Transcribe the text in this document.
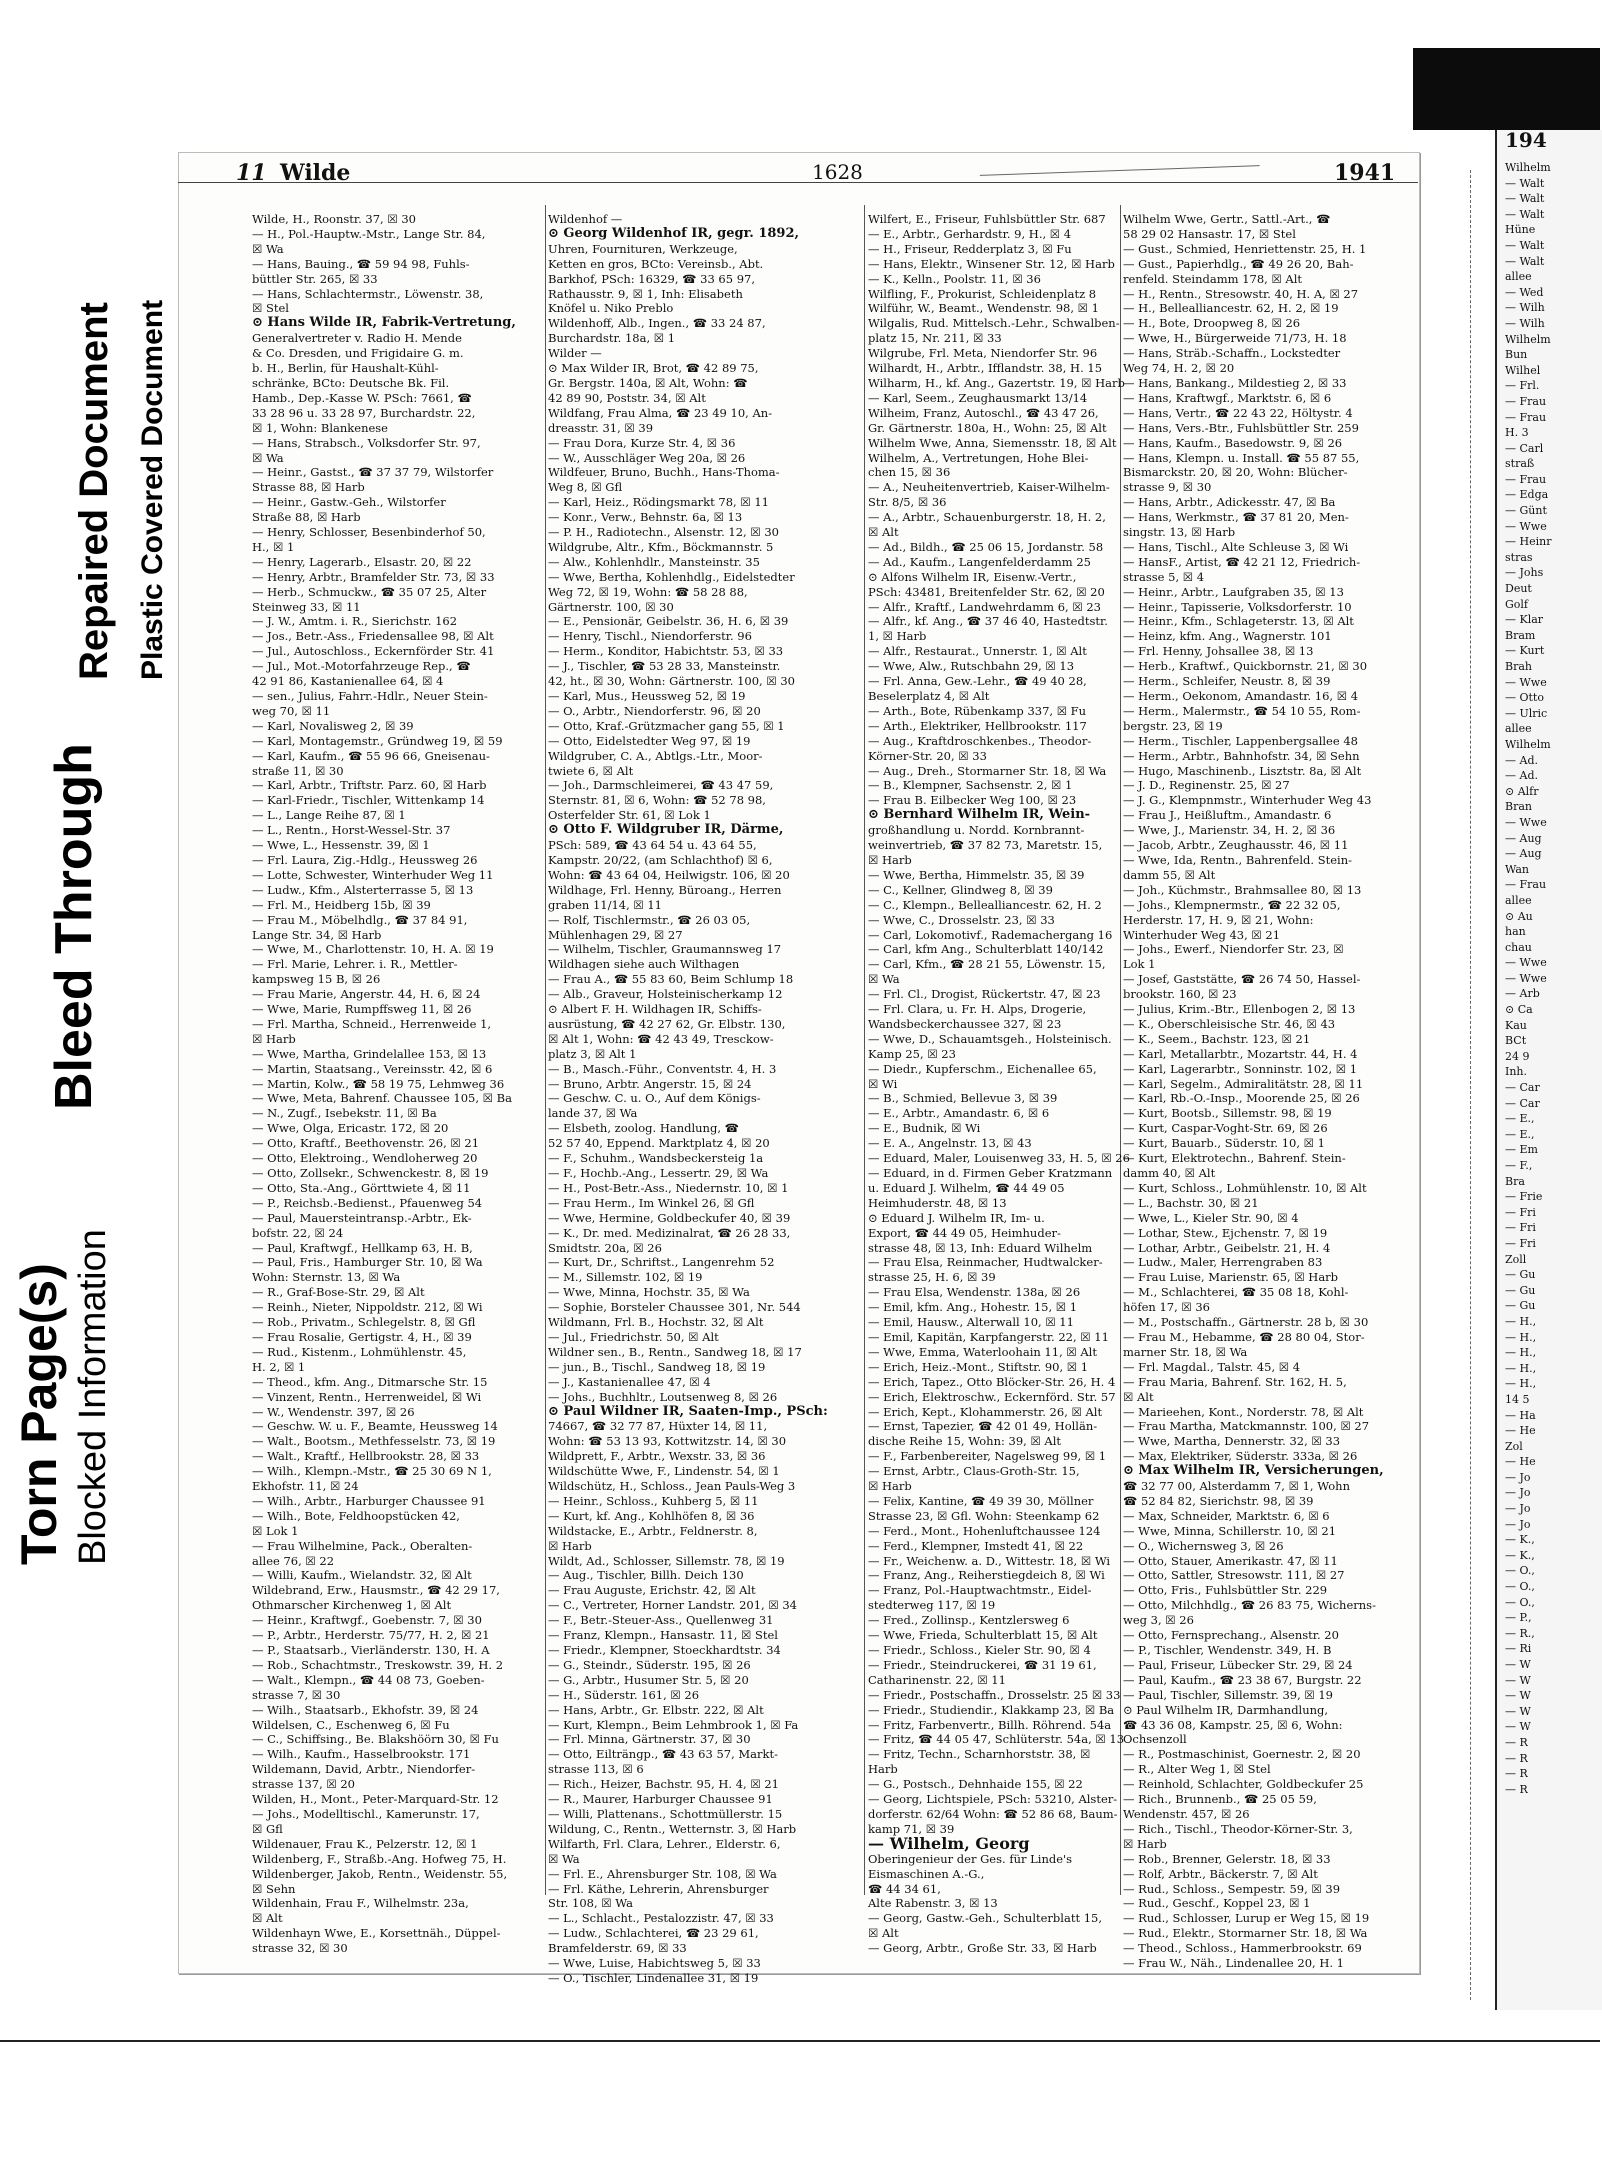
Torn Page(s) Blocked Information
Bleed Through
Repaired Document Plastic Covered Document
11 Wilde	1628	1941
Wilde, H., Roonstr. 37, ☒ 30
— H., Pol.-Hauptw.-Mstr., Lange Str. 84,
☒ Wa
— Hans, Bauing., ☎ 59 94 98, Fuhls-
büttler Str. 265, ☒ 33
— Hans, Schlachtermstr., Löwenstr. 38,
☒ Stel
⊙ Hans Wilde IR, Fabrik-Vertretung,
Generalvertreter v. Radio H. Mende
& Co. Dresden, und Frigidaire G. m.
b. H., Berlin, für Haushalt-Kühl-
schränke, BCto: Deutsche Bk. Fil.
Hamb., Dep.-Kasse W. PSch: 7661, ☎
33 28 96 u. 33 28 97, Burchardstr. 22,
☒ 1, Wohn: Blankenese
— Hans, Strabsch., Volksdorfer Str. 97,
☒ Wa
— Heinr., Gastst., ☎ 37 37 79, Wilstorfer
Strasse 88, ☒ Harb
— Heinr., Gastw.-Geh., Wilstorfer
Straße 88, ☒ Harb
— Henry, Schlosser, Besenbinderhof 50,
H., ☒ 1
— Henry, Lagerarb., Elsastr. 20, ☒ 22
— Henry, Arbtr., Bramfelder Str. 73, ☒ 33
— Herb., Schmuckw., ☎ 35 07 25, Alter
Steinweg 33, ☒ 11
— J. W., Amtm. i. R., Sierichstr. 162
— Jos., Betr.-Ass., Friedensallee 98, ☒ Alt
— Jul., Autoschloss., Eckernförder Str. 41
— Jul., Mot.-Motorfahrzeuge Rep., ☎
42 91 86, Kastanienallee 64, ☒ 4
— sen., Julius, Fahrr.-Hdlr., Neuer Stein-
weg 70, ☒ 11
— Karl, Novalisweg 2, ☒ 39
— Karl, Montagemstr., Gründweg 19, ☒ 59
— Karl, Kaufm., ☎ 55 96 66, Gneisenau-
straße 11, ☒ 30
— Karl, Arbtr., Triftstr. Parz. 60, ☒ Harb
— Karl-Friedr., Tischler, Wittenkamp 14
— L., Lange Reihe 87, ☒ 1
— L., Rentn., Horst-Wessel-Str. 37
— Wwe, L., Hessenstr. 39, ☒ 1
— Frl. Laura, Zig.-Hdlg., Heussweg 26
— Lotte, Schwester, Winterhuder Weg 11
— Ludw., Kfm., Alsterterrasse 5, ☒ 13
— Frl. M., Heidberg 15b, ☒ 39
— Frau M., Möbelhdlg., ☎ 37 84 91,
Lange Str. 34, ☒ Harb
— Wwe, M., Charlottenstr. 10, H. A. ☒ 19
— Frl. Marie, Lehrer. i. R., Mettler-
kampsweg 15 B, ☒ 26
— Frau Marie, Angerstr. 44, H. 6, ☒ 24
— Wwe, Marie, Rumpffsweg 11, ☒ 26
— Frl. Martha, Schneid., Herrenweide 1,
☒ Harb
— Wwe, Martha, Grindelallee 153, ☒ 13
— Martin, Staatsang., Vereinsstr. 42, ☒ 6
— Martin, Kolw., ☎ 58 19 75, Lehmweg 36
— Wwe, Meta, Bahrenf. Chaussee 105, ☒ Ba
— N., Zugf., Isebekstr. 11, ☒ Ba
— Wwe, Olga, Ericastr. 172, ☒ 20
— Otto, Kraftf., Beethovenstr. 26, ☒ 21
— Otto, Elektroing., Wendloherweg 20
— Otto, Zollsekr., Schwenckestr. 8, ☒ 19
— Otto, Sta.-Ang., Görttwiete 4, ☒ 11
— P., Reichsb.-Bedienst., Pfauenweg 54
— Paul, Mauersteintransp.-Arbtr., Ek-
bofstr. 22, ☒ 24
— Paul, Kraftwgf., Hellkamp 63, H. B,
— Paul, Fris., Hamburger Str. 10, ☒ Wa
Wohn: Sternstr. 13, ☒ Wa
— R., Graf-Bose-Str. 29, ☒ Alt
— Reinh., Nieter, Nippoldstr. 212, ☒ Wi
— Rob., Privatm., Schlegelstr. 8, ☒ Gfl
— Frau Rosalie, Gertigstr. 4, H., ☒ 39
— Rud., Kistenm., Lohmühlenstr. 45,
H. 2, ☒ 1
— Theod., kfm. Ang., Ditmarsche Str. 15
— Vinzent, Rentn., Herrenweidel, ☒ Wi
— W., Wendenstr. 397, ☒ 26
— Geschw. W. u. F., Beamte, Heussweg 14
— Walt., Bootsm., Methfesselstr. 73, ☒ 19
— Walt., Kraftf., Hellbrookstr. 28, ☒ 33
— Wilh., Klempn.-Mstr., ☎ 25 30 69 N 1,
Ekhofstr. 11, ☒ 24
— Wilh., Arbtr., Harburger Chaussee 91
— Wilh., Bote, Feldhoopstücken 42,
☒ Lok 1
— Frau Wilhelmine, Pack., Oberalten-
allee 76, ☒ 22
— Willi, Kaufm., Wielandstr. 32, ☒ Alt
Wildebrand, Erw., Hausmstr., ☎ 42 29 17,
Othmarscher Kirchenweg 1, ☒ Alt
— Heinr., Kraftwgf., Goebenstr. 7, ☒ 30
— P., Arbtr., Herderstr. 75/77, H. 2, ☒ 21
— P., Staatsarb., Vierländerstr. 130, H. A
— Rob., Schachtmstr., Treskowstr. 39, H. 2
— Walt., Klempn., ☎ 44 08 73, Goeben-
strasse 7, ☒ 30
— Wilh., Staatsarb., Ekhofstr. 39, ☒ 24
Wildelsen, C., Eschenweg 6, ☒ Fu
— C., Schiffsing., Be. Blakshöörn 30, ☒ Fu
— Wilh., Kaufm., Hasselbrookstr. 171
Wildemann, David, Arbtr., Niendorfer-
strasse 137, ☒ 20
Wilden, H., Mont., Peter-Marquard-Str. 12
— Johs., Modelltischl., Kamerunstr. 17,
☒ Gfl
Wildenauer, Frau K., Pelzerstr. 12, ☒ 1
Wildenberg, F., Straßb.-Ang. Hofweg 75, H.
Wildenberger, Jakob, Rentn., Weidenstr. 55,
☒ Sehn
Wildenhain, Frau F., Wilhelmstr. 23a,
☒ Alt
Wildenhayn Wwe, E., Korsettnäh., Düppel-
strasse 32, ☒ 30
Wildenhof —
⊙ Georg Wildenhof IR, gegr. 1892,
Uhren, Fournituren, Werkzeuge,
Ketten en gros, BCto: Vereinsb., Abt.
Barkhof, PSch: 16329, ☎ 33 65 97,
Rathausstr. 9, ☒ 1, Inh: Elisabeth
Knöfel u. Niko Preblo
Wildenhoff, Alb., Ingen., ☎ 33 24 87,
Burchardstr. 18a, ☒ 1
Wilder —
⊙ Max Wilder IR, Brot, ☎ 42 89 75,
Gr. Bergstr. 140a, ☒ Alt, Wohn: ☎
42 89 90, Poststr. 34, ☒ Alt
Wildfang, Frau Alma, ☎ 23 49 10, An-
dreasstr. 31, ☒ 39
— Frau Dora, Kurze Str. 4, ☒ 36
— W., Ausschläger Weg 20a, ☒ 26
Wildfeuer, Bruno, Buchh., Hans-Thoma-
Weg 8, ☒ Gfl
— Karl, Heiz., Rödingsmarkt 78, ☒ 11
— Konr., Verw., Behnstr. 6a, ☒ 13
— P. H., Radiotechn., Alsenstr. 12, ☒ 30
Wildgrube, Altr., Kfm., Böckmannstr. 5
— Alw., Kohlenhdlr., Mansteinstr. 35
— Wwe, Bertha, Kohlenhdlg., Eidelstedter
Weg 72, ☒ 19, Wohn: ☎ 58 28 88,
Gärtnerstr. 100, ☒ 30
— E., Pensionär, Geibelstr. 36, H. 6, ☒ 39
— Henry, Tischl., Niendorferstr. 96
— Herm., Konditor, Habichtstr. 53, ☒ 33
— J., Tischler, ☎ 53 28 33, Mansteinstr.
42, ht., ☒ 30, Wohn: Gärtnerstr. 100, ☒ 30
— Karl, Mus., Heussweg 52, ☒ 19
— O., Arbtr., Niendorferstr. 96, ☒ 20
— Otto, Kraf.-Grützmacher gang 55, ☒ 1
— Otto, Eidelstedter Weg 97, ☒ 19
Wildgruber, C. A., Abtlgs.-Ltr., Moor-
twiete 6, ☒ Alt
— Joh., Darmschleimerei, ☎ 43 47 59,
Sternstr. 81, ☒ 6, Wohn: ☎ 52 78 98,
Osterfelder Str. 61, ☒ Lok 1
⊙ Otto F. Wildgruber IR, Därme,
PSch: 589, ☎ 43 64 54 u. 43 64 55,
Kampstr. 20/22, (am Schlachthof) ☒ 6,
Wohn: ☎ 43 64 04, Heilwigstr. 106, ☒ 20
Wildhage, Frl. Henny, Büroang., Herren
graben 11/14, ☒ 11
— Rolf, Tischlermstr., ☎ 26 03 05,
Mühlenhagen 29, ☒ 27
— Wilhelm, Tischler, Graumannsweg 17
Wildhagen siehe auch Wilthagen
— Frau A., ☎ 55 83 60, Beim Schlump 18
— Alb., Graveur, Holsteinischerkamp 12
⊙ Albert F. H. Wildhagen IR, Schiffs-
ausrüstung, ☎ 42 27 62, Gr. Elbstr. 130,
☒ Alt 1, Wohn: ☎ 42 43 49, Tresckow-
platz 3, ☒ Alt 1
— B., Masch.-Führ., Conventstr. 4, H. 3
— Bruno, Arbtr. Angerstr. 15, ☒ 24
— Geschw. C. u. O., Auf dem Königs-
lande 37, ☒ Wa
— Elsbeth, zoolog. Handlung, ☎
52 57 40, Eppend. Marktplatz 4, ☒ 20
— F., Schuhm., Wandsbeckersteig 1a
— F., Hochb.-Ang., Lessertr. 29, ☒ Wa
— H., Post-Betr.-Ass., Niedernstr. 10, ☒ 1
— Frau Herm., Im Winkel 26, ☒ Gfl
— Wwe, Hermine, Goldbeckufer 40, ☒ 39
— K., Dr. med. Medizinalrat, ☎ 26 28 33,
Smidtstr. 20a, ☒ 26
— Kurt, Dr., Schriftst., Langenrehm 52
— M., Sillemstr. 102, ☒ 19
— Wwe, Minna, Hochstr. 35, ☒ Wa
— Sophie, Borsteler Chaussee 301, Nr. 544
Wildmann, Frl. B., Hochstr. 32, ☒ Alt
— Jul., Friedrichstr. 50, ☒ Alt
Wildner sen., B., Rentn., Sandweg 18, ☒ 17
— jun., B., Tischl., Sandweg 18, ☒ 19
— J., Kastanienallee 47, ☒ 4
— Johs., Buchhltr., Loutsenweg 8, ☒ 26
⊙ Paul Wildner IR, Saaten-Imp., PSch:
74667, ☎ 32 77 87, Hüxter 14, ☒ 11,
Wohn: ☎ 53 13 93, Kottwitzstr. 14, ☒ 30
Wildprett, F., Arbtr., Wexstr. 33, ☒ 36
Wildschütte Wwe, F., Lindenstr. 54, ☒ 1
Wildschütz, H., Schloss., Jean Pauls-Weg 3
— Heinr., Schloss., Kuhberg 5, ☒ 11
— Kurt, kf. Ang., Kohlhöfen 8, ☒ 36
Wildstacke, E., Arbtr., Feldnerstr. 8,
☒ Harb
Wildt, Ad., Schlosser, Sillemstr. 78, ☒ 19
— Aug., Tischler, Billh. Deich 130
— Frau Auguste, Erichstr. 42, ☒ Alt
— C., Vertreter, Horner Landstr. 201, ☒ 34
— F., Betr.-Steuer-Ass., Quellenweg 31
— Franz, Klempn., Hansastr. 11, ☒ Stel
— Friedr., Klempner, Stoeckhardtstr. 34
— G., Steindr., Süderstr. 195, ☒ 26
— G., Arbtr., Husumer Str. 5, ☒ 20
— H., Süderstr. 161, ☒ 26
— Hans, Arbtr., Gr. Elbstr. 222, ☒ Alt
— Kurt, Klempn., Beim Lehmbrook 1, ☒ Fa
— Frl. Minna, Gärtnerstr. 37, ☒ 30
— Otto, Eilträngp., ☎ 43 63 57, Markt-
strasse 113, ☒ 6
— Rich., Heizer, Bachstr. 95, H. 4, ☒ 21
— R., Maurer, Harburger Chaussee 91
— Willi, Plattenans., Schottmüllerstr. 15
Wildung, C., Rentn., Wetternstr. 3, ☒ Harb
Wilfarth, Frl. Clara, Lehrer., Elderstr. 6,
☒ Wa
— Frl. E., Ahrensburger Str. 108, ☒ Wa
— Frl. Käthe, Lehrerin, Ahrensburger
Str. 108, ☒ Wa
— L., Schlacht., Pestalozzistr. 47, ☒ 33
— Ludw., Schlachterei, ☎ 23 29 61,
Bramfelderstr. 69, ☒ 33
— Wwe, Luise, Habichtsweg 5, ☒ 33
— O., Tischler, Lindenallee 31, ☒ 19
Wilfert, E., Friseur, Fuhlsbüttler Str. 687
— E., Arbtr., Gerhardstr. 9, H., ☒ 4
— H., Friseur, Redderplatz 3, ☒ Fu
— Hans, Elektr., Winsener Str. 12, ☒ Harb
— K., Kelln., Poolstr. 11, ☒ 36
Wilfling, F., Prokurist, Schleidenplatz 8
Wilführ, W., Beamt., Wendenstr. 98, ☒ 1
Wilgalis, Rud. Mittelsch.-Lehr., Schwalben-
platz 15, Nr. 211, ☒ 33
Wilgrube, Frl. Meta, Niendorfer Str. 96
Wilhardt, H., Arbtr., Ifflandstr. 38, H. 15
Wilharm, H., kf. Ang., Gazertstr. 19, ☒ Harb
— Karl, Seem., Zeughausmarkt 13/14
Wilheim, Franz, Autoschl., ☎ 43 47 26,
Gr. Gärtnerstr. 180a, H., Wohn: 25, ☒ Alt
Wilhelm Wwe, Anna, Siemensstr. 18, ☒ Alt
Wilhelm, A., Vertretungen, Hohe Blei-
chen 15, ☒ 36
— A., Neuheitenvertrieb, Kaiser-Wilhelm-
Str. 8/5, ☒ 36
— A., Arbtr., Schauenburgerstr. 18, H. 2,
☒ Alt
— Ad., Bildh., ☎ 25 06 15, Jordanstr. 58
— Ad., Kaufm., Langenfelderdamm 25
⊙ Alfons Wilhelm IR, Eisenw.-Vertr.,
PSch: 43481, Breitenfelder Str. 62, ☒ 20
— Alfr., Kraftf., Landwehrdamm 6, ☒ 23
— Alfr., kf. Ang., ☎ 37 46 40, Hastedtstr.
1, ☒ Harb
— Alfr., Restaurat., Unnerstr. 1, ☒ Alt
— Wwe, Alw., Rutschbahn 29, ☒ 13
— Frl. Anna, Gew.-Lehr., ☎ 49 40 28,
Beselerplatz 4, ☒ Alt
— Arth., Bote, Rübenkamp 337, ☒ Fu
— Arth., Elektriker, Hellbrookstr. 117
— Aug., Kraftdroschkenbes., Theodor-
Körner-Str. 20, ☒ 33
— Aug., Dreh., Stormarner Str. 18, ☒ Wa
— B., Klempner, Sachsenstr. 2, ☒ 1
— Frau B. Eilbecker Weg 100, ☒ 23
⊙ Bernhard Wilhelm IR, Wein-
großhandlung u. Nordd. Kornbrannt-
weinvertrieb, ☎ 37 82 73, Maretstr. 15,
☒ Harb
— Wwe, Bertha, Himmelstr. 35, ☒ 39
— C., Kellner, Glindweg 8, ☒ 39
— C., Klempn., Bellealliancestr. 62, H. 2
— Wwe, C., Drosselstr. 23, ☒ 33
— Carl, Lokomotivf., Rademachergang 16
— Carl, kfm Ang., Schulterblatt 140/142
— Carl, Kfm., ☎ 28 21 55, Löwenstr. 15,
☒ Wa
— Frl. Cl., Drogist, Rückertstr. 47, ☒ 23
— Frl. Clara, u. Fr. H. Alps, Drogerie,
Wandsbeckerchaussee 327, ☒ 23
— Wwe, D., Schauamtsgeh., Holsteinisch.
Kamp 25, ☒ 23
— Diedr., Kupferschm., Eichenallee 65,
☒ Wi
— B., Schmied, Bellevue 3, ☒ 39
— E., Arbtr., Amandastr. 6, ☒ 6
— E., Budnik, ☒ Wi
— E. A., Angelnstr. 13, ☒ 43
— Eduard, Maler, Louisenweg 33, H. 5, ☒ 26
— Eduard, in d. Firmen Geber Kratzmann
u. Eduard J. Wilhelm, ☎ 44 49 05
Heimhuderstr. 48, ☒ 13
⊙ Eduard J. Wilhelm IR, Im- u.
Export, ☎ 44 49 05, Heimhuder-
strasse 48, ☒ 13, Inh: Eduard Wilhelm
— Frau Elsa, Reinmacher, Hudtwalcker-
strasse 25, H. 6, ☒ 39
— Frau Elsa, Wendenstr. 138a, ☒ 26
— Emil, kfm. Ang., Hohestr. 15, ☒ 1
— Emil, Hausw., Alterwall 10, ☒ 11
— Emil, Kapitän, Karpfangerstr. 22, ☒ 11
— Wwe, Emma, Waterloohain 11, ☒ Alt
— Erich, Heiz.-Mont., Stiftstr. 90, ☒ 1
— Erich, Tapez., Otto Blöcker-Str. 26, H. 4
— Erich, Elektroschw., Eckernförd. Str. 57
— Erich, Kept., Klohammerstr. 26, ☒ Alt
— Ernst, Tapezier, ☎ 42 01 49, Hollän-
dische Reihe 15, Wohn: 39, ☒ Alt
— F., Farbenbereiter, Nagelsweg 99, ☒ 1
— Ernst, Arbtr., Claus-Groth-Str. 15,
☒ Harb
— Felix, Kantine, ☎ 49 39 30, Möllner
Strasse 23, ☒ Gfl. Wohn: Steenkamp 62
— Ferd., Mont., Hohenluftchaussee 124
— Ferd., Klempner, Imstedt 41, ☒ 22
— Fr., Weichenw. a. D., Wittestr. 18, ☒ Wi
— Franz, Ang., Reiherstiegdeich 8, ☒ Wi
— Franz, Pol.-Hauptwachtmstr., Eidel-
stedterweg 117, ☒ 19
— Fred., Zollinsp., Kentzlersweg 6
— Wwe, Frieda, Schulterblatt 15, ☒ Alt
— Friedr., Schloss., Kieler Str. 90, ☒ 4
— Friedr., Steindruckerei, ☎ 31 19 61,
Catharinenstr. 22, ☒ 11
— Friedr., Postschaffn., Drosselstr. 25 ☒ 33
— Friedr., Studiendir., Klakkamp 23, ☒ Ba
— Fritz, Farbenvertr., Billh. Röhrend. 54a
— Fritz, ☎ 44 05 47, Schlüterstr. 54a, ☒ 13
— Fritz, Techn., Scharnhorststr. 38, ☒
Harb
— G., Postsch., Dehnhaide 155, ☒ 22
— Georg, Lichtspiele, PSch: 53210, Alster-
dorferstr. 62/64 Wohn: ☎ 52 86 68, Baum-
kamp 71, ☒ 39
— Wilhelm, Georg
Oberingenieur der Ges. für Linde's
Eismaschinen A.-G.,
☎ 44 34 61,
Alte Rabenstr. 3, ☒ 13
— Georg, Gastw.-Geh., Schulterblatt 15,
☒ Alt
— Georg, Arbtr., Große Str. 33, ☒ Harb
Wilhelm Wwe, Gertr., Sattl.-Art., ☎
58 29 02 Hansastr. 17, ☒ Stel
— Gust., Schmied, Henriettenstr. 25, H. 1
— Gust., Papierhdlg., ☎ 49 26 20, Bah-
renfeld. Steindamm 178, ☒ Alt
— H., Rentn., Stresowstr. 40, H. A, ☒ 27
— H., Bellealliancestr. 62, H. 2, ☒ 19
— H., Bote, Droopweg 8, ☒ 26
— Wwe, H., Bürgerweide 71/73, H. 18
— Hans, Sträb.-Schaffn., Lockstedter
Weg 74, H. 2, ☒ 20
— Hans, Bankang., Mildestieg 2, ☒ 33
— Hans, Kraftwgf., Marktstr. 6, ☒ 6
— Hans, Vertr., ☎ 22 43 22, Höltystr. 4
— Hans, Vers.-Btr., Fuhlsbüttler Str. 259
— Hans, Kaufm., Basedowstr. 9, ☒ 26
— Hans, Klempn. u. Install. ☎ 55 87 55,
Bismarckstr. 20, ☒ 20, Wohn: Blücher-
strasse 9, ☒ 30
— Hans, Arbtr., Adickesstr. 47, ☒ Ba
— Hans, Werkmstr., ☎ 37 81 20, Men-
singstr. 13, ☒ Harb
— Hans, Tischl., Alte Schleuse 3, ☒ Wi
— HansF., Artist, ☎ 42 21 12, Friedrich-
strasse 5, ☒ 4
— Heinr., Arbtr., Laufgraben 35, ☒ 13
— Heinr., Tapisserie, Volksdorferstr. 10
— Heinr., Kfm., Schlageterstr. 13, ☒ Alt
— Heinz, kfm. Ang., Wagnerstr. 101
— Frl. Henny, Johsallee 38, ☒ 13
— Herb., Kraftwf., Quickbornstr. 21, ☒ 30
— Herm., Schleifer, Neustr. 8, ☒ 39
— Herm., Oekonom, Amandastr. 16, ☒ 4
— Herm., Malermstr., ☎ 54 10 55, Rom-
bergstr. 23, ☒ 19
— Herm., Tischler, Lappenbergsallee 48
— Herm., Arbtr., Bahnhofstr. 34, ☒ Sehn
— Hugo, Maschinenb., Lisztstr. 8a, ☒ Alt
— J. D., Reginenstr. 25, ☒ 27
— J. G., Klempnmstr., Winterhuder Weg 43
— Frau J., Heißluftm., Amandastr. 6
— Wwe, J., Marienstr. 34, H. 2, ☒ 36
— Jacob, Arbtr., Zeughausstr. 46, ☒ 11
— Wwe, Ida, Rentn., Bahrenfeld. Stein-
damm 55, ☒ Alt
— Joh., Küchmstr., Brahmsallee 80, ☒ 13
— Johs., Klempnermstr., ☎ 22 32 05,
Herderstr. 17, H. 9, ☒ 21, Wohn:
Winterhuder Weg 43, ☒ 21
— Johs., Ewerf., Niendorfer Str. 23, ☒
Lok 1
— Josef, Gaststätte, ☎ 26 74 50, Hassel-
brookstr. 160, ☒ 23
— Julius, Krim.-Btr., Ellenbogen 2, ☒ 13
— K., Oberschleisische Str. 46, ☒ 43
— K., Seem., Bachstr. 123, ☒ 21
— Karl, Metallarbtr., Mozartstr. 44, H. 4
— Karl, Lagerarbtr., Sonninstr. 102, ☒ 1
— Karl, Segelm., Admiralitätstr. 28, ☒ 11
— Karl, Rb.-O.-Insp., Moorende 25, ☒ 26
— Kurt, Bootsb., Sillemstr. 98, ☒ 19
— Kurt, Caspar-Voght-Str. 69, ☒ 26
— Kurt, Bauarb., Süderstr. 10, ☒ 1
— Kurt, Elektrotechn., Bahrenf. Stein-
damm 40, ☒ Alt
— Kurt, Schloss., Lohmühlenstr. 10, ☒ Alt
— L., Bachstr. 30, ☒ 21
— Wwe, L., Kieler Str. 90, ☒ 4
— Lothar, Stew., Ejchenstr. 7, ☒ 19
— Lothar, Arbtr., Geibelstr. 21, H. 4
— Ludw., Maler, Herrengraben 83
— Frau Luise, Marienstr. 65, ☒ Harb
— M., Schlachterei, ☎ 35 08 18, Kohl-
höfen 17, ☒ 36
— M., Postschaffn., Gärtnerstr. 28 b, ☒ 30
— Frau M., Hebamme, ☎ 28 80 04, Stor-
marner Str. 18, ☒ Wa
— Frl. Magdal., Talstr. 45, ☒ 4
— Frau Maria, Bahrenf. Str. 162, H. 5,
☒ Alt
— Marieehen, Kont., Norderstr. 78, ☒ Alt
— Frau Martha, Matckmannstr. 100, ☒ 27
— Wwe, Martha, Dennerstr. 32, ☒ 33
— Max, Elektriker, Süderstr. 333a, ☒ 26
⊙ Max Wilhelm IR, Versicherungen,
☎ 32 77 00, Alsterdamm 7, ☒ 1, Wohn
☎ 52 84 82, Sierichstr. 98, ☒ 39
— Max, Schneider, Marktstr. 6, ☒ 6
— Wwe, Minna, Schillerstr. 10, ☒ 21
— O., Wichernsweg 3, ☒ 26
— Otto, Stauer, Amerikastr. 47, ☒ 11
— Otto, Sattler, Stresowstr. 111, ☒ 27
— Otto, Fris., Fuhlsbüttler Str. 229
— Otto, Milchhdlg., ☎ 26 83 75, Wicherns-
weg 3, ☒ 26
— Otto, Fernsprechang., Alsenstr. 20
— P., Tischler, Wendenstr. 349, H. B
— Paul, Friseur, Lübecker Str. 29, ☒ 24
— Paul, Kaufm., ☎ 23 38 67, Burgstr. 22
— Paul, Tischler, Sillemstr. 39, ☒ 19
⊙ Paul Wilhelm IR, Darmhandlung,
☎ 43 36 08, Kampstr. 25, ☒ 6, Wohn:
Ochsenzoll
— R., Postmaschinist, Goernestr. 2, ☒ 20
— R., Alter Weg 1, ☒ Stel
— Reinhold, Schlachter, Goldbeckufer 25
— Rich., Brunnenb., ☎ 25 05 59,
Wendenstr. 457, ☒ 26
— Rich., Tischl., Theodor-Körner-Str. 3,
☒ Harb
— Rob., Brenner, Gelerstr. 18, ☒ 33
— Rolf, Arbtr., Bäckerstr. 7, ☒ Alt
— Rud., Schloss., Sempestr. 59, ☒ 39
— Rud., Geschf., Koppel 23, ☒ 1
— Rud., Schlosser, Lurup er Weg 15, ☒ 19
— Rud., Elektr., Stormarner Str. 18, ☒ Wa
— Theod., Schloss., Hammerbrookstr. 69
— Frau W., Näh., Lindenallee 20, H. 1
194
Wilhelm
— Walt
— Walt
— Walt
Hüne
— Walt
— Walt
allee
— Wed
— Wilh
— Wilh
Wilhelm
Bun
Wilhel
— Frl.
— Frau
— Frau
H. 3
— Carl
straß
— Frau
— Edga
— Günt
— Wwe
— Heinr
stras
— Johs
Deut
Golf
— Klar
Bram
— Kurt
Brah
— Wwe
— Otto
— Ulric
allee
Wilhelm
— Ad.
— Ad.
⊙ Alfr
Bran
— Wwe
— Aug
— Aug
Wan
— Frau
allee
⊙ Au
han
chau
— Wwe
— Wwe
— Arb
⊙ Ca
Kau
BCt
24 9
Inh.
— Car
— Car
— E.,
— E.,
— Em
— F.,
Bra
— Frie
— Fri
— Fri
— Fri
Zoll
— Gu
— Gu
— Gu
— H.,
— H.,
— H.,
— H.,
— H.,
14 5
— Ha
— He
Zol
— He
— Jo
— Jo
— Jo
— Jo
— K.,
— K.,
— O.,
— O.,
— O.,
— P.,
— R.,
— Ri
— W
— W
— W
— W
— W
— R
— R
— R
— R
